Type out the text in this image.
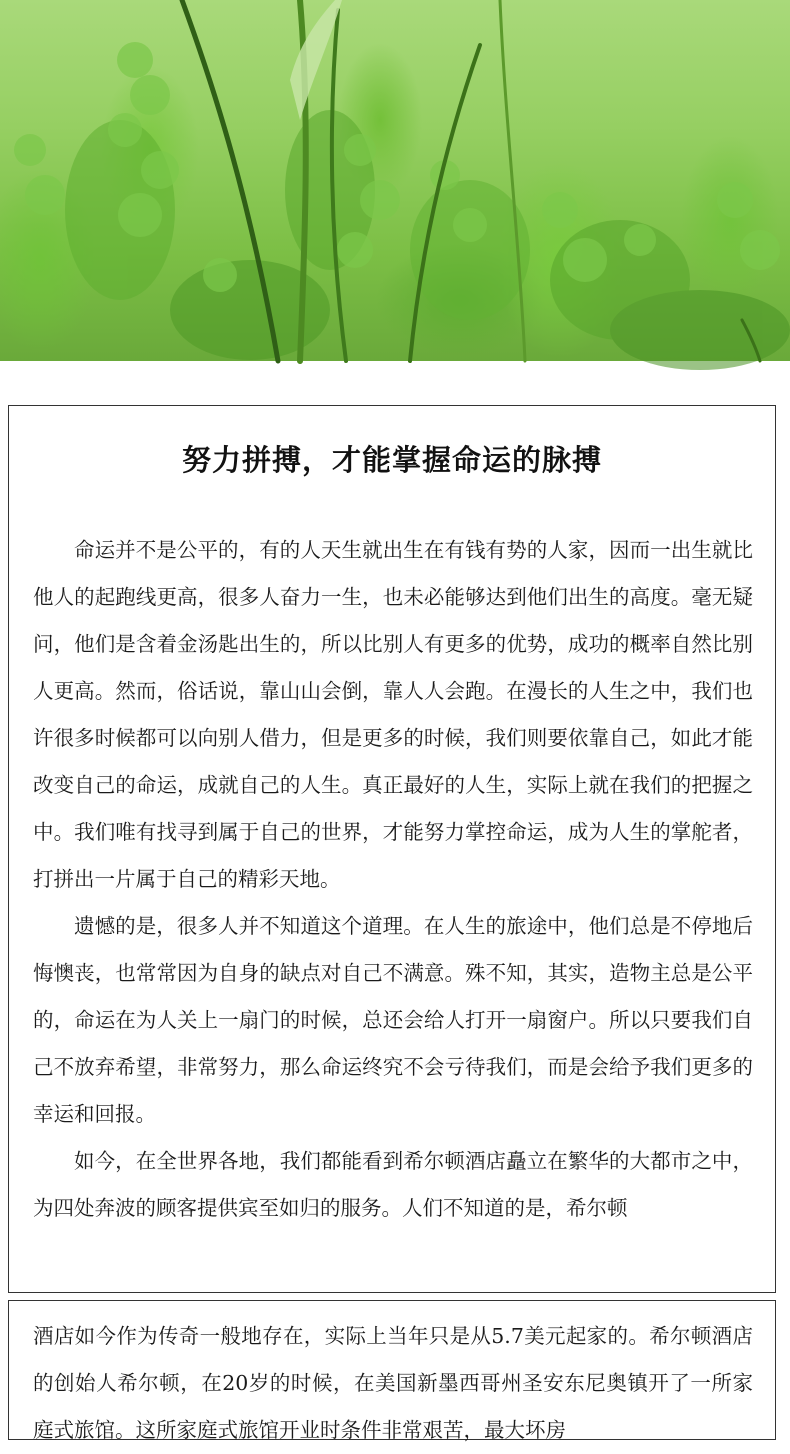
努力拼搏，才能掌握命运的脉搏

命运并不是公平的，有的人天生就出生在有钱有势的人家，因而一出生就比他人的起跑线更高，很多人奋力一生，也未必能够达到他们出生的高度。毫无疑问，他们是含着金汤匙出生的，所以比别人有更多的优势，成功的概率自然比别人更高。然而，俗话说，靠山山会倒，靠人人会跑。在漫长的人生之中，我们也许很多时候都可以向别人借力，但是更多的时候，我们则要依靠自己，如此才能改变自己的命运，成就自己的人生。真正最好的人生，实际上就在我们的把握之中。我们唯有找寻到属于自己的世界，才能努力掌控命运，成为人生的掌舵者，打拼出一片属于自己的精彩天地。

遗憾的是，很多人并不知道这个道理。在人生的旅途中，他们总是不停地后悔懊丧，也常常因为自身的缺点对自己不满意。殊不知，其实，造物主总是公平的，命运在为人关上一扇门的时候，总还会给人打开一扇窗户。所以只要我们自己不放弃希望，非常努力，那么命运终究不会亏待我们，而是会给予我们更多的幸运和回报。

如今，在全世界各地，我们都能看到希尔顿酒店矗立在繁华的大都市之中，为四处奔波的顾客提供宾至如归的服务。人们不知道的是，希尔顿

酒店如今作为传奇一般地存在，实际上当年只是从5.7美元起家的。希尔顿酒店的创始人希尔顿，在20岁的时候，在美国新墨西哥州圣安东尼奥镇开了一所家庭式旅馆。这所家庭式旅馆开业时条件非常艰苦，最大坏房
